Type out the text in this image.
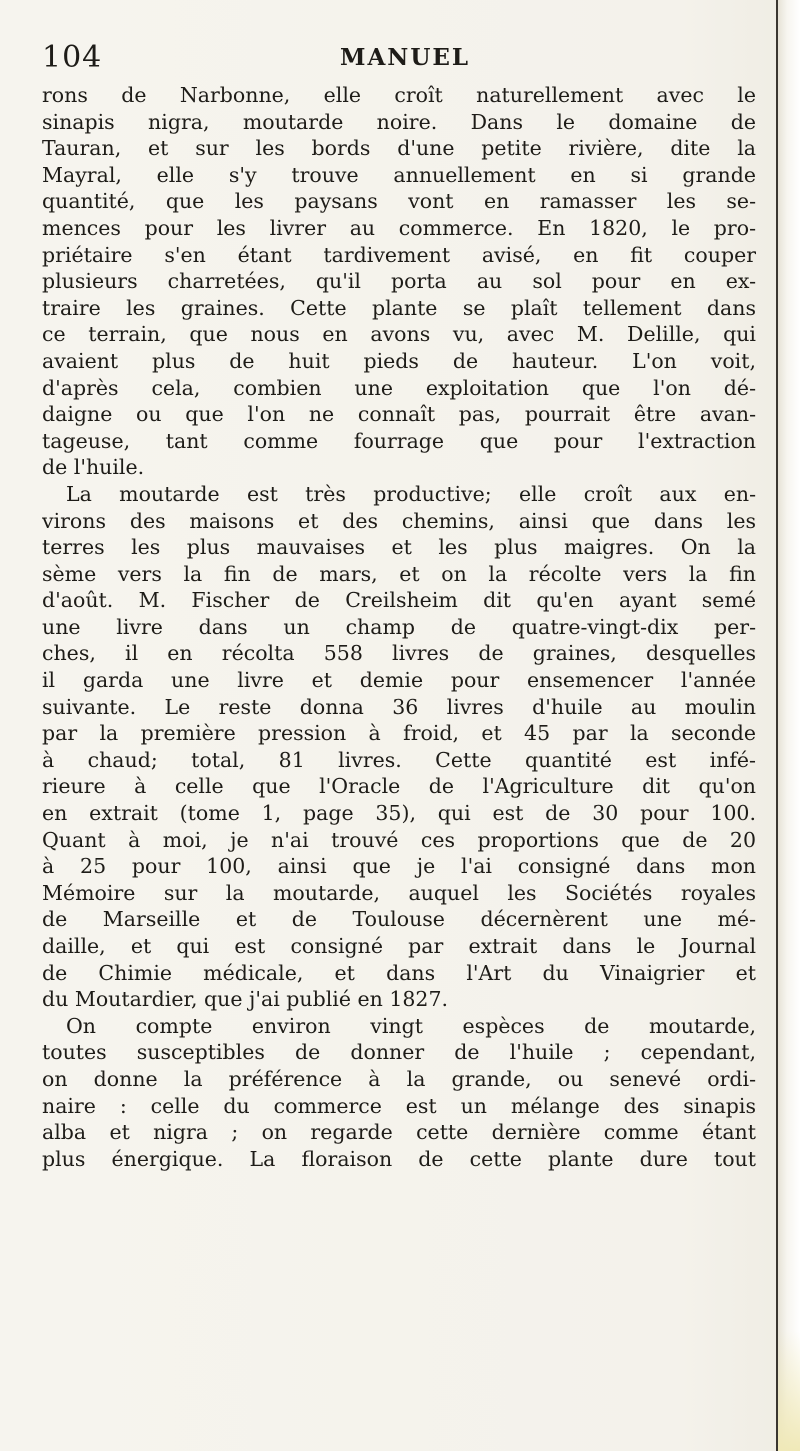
104	MANUEL
rons de Narbonne, elle croît naturellement avec le
sinapis nigra, moutarde noire. Dans le domaine de
Tauran, et sur les bords d'une petite rivière, dite la
Mayral, elle s'y trouve annuellement en si grande
quantité, que les paysans vont en ramasser les se-
mences pour les livrer au commerce. En 1820, le pro-
priétaire s'en étant tardivement avisé, en fit couper
plusieurs charretées, qu'il porta au sol pour en ex-
traire les graines. Cette plante se plaît tellement dans
ce terrain, que nous en avons vu, avec M. Delille, qui
avaient plus de huit pieds de hauteur. L'on voit,
d'après cela, combien une exploitation que l'on dé-
daigne ou que l'on ne connaît pas, pourrait être avan-
tageuse, tant comme fourrage que pour l'extraction
de l'huile.
La moutarde est très productive; elle croît aux en-
virons des maisons et des chemins, ainsi que dans les
terres les plus mauvaises et les plus maigres. On la
sème vers la fin de mars, et on la récolte vers la fin
d'août. M. Fischer de Creilsheim dit qu'en ayant semé
une livre dans un champ de quatre-vingt-dix per-
ches, il en récolta 558 livres de graines, desquelles
il garda une livre et demie pour ensemencer l'année
suivante. Le reste donna 36 livres d'huile au moulin
par la première pression à froid, et 45 par la seconde
à chaud; total, 81 livres. Cette quantité est infé-
rieure à celle que l'Oracle de l'Agriculture dit qu'on
en extrait (tome 1, page 35), qui est de 30 pour 100.
Quant à moi, je n'ai trouvé ces proportions que de 20
à 25 pour 100, ainsi que je l'ai consigné dans mon
Mémoire sur la moutarde, auquel les Sociétés royales
de Marseille et de Toulouse décernèrent une mé-
daille, et qui est consigné par extrait dans le Journal
de Chimie médicale, et dans l'Art du Vinaigrier et
du Moutardier, que j'ai publié en 1827.
On compte environ vingt espèces de moutarde,
toutes susceptibles de donner de l'huile ; cependant,
on donne la préférence à la grande, ou senevé ordi-
naire : celle du commerce est un mélange des sinapis
alba et nigra ; on regarde cette dernière comme étant
plus énergique. La floraison de cette plante dure tout
